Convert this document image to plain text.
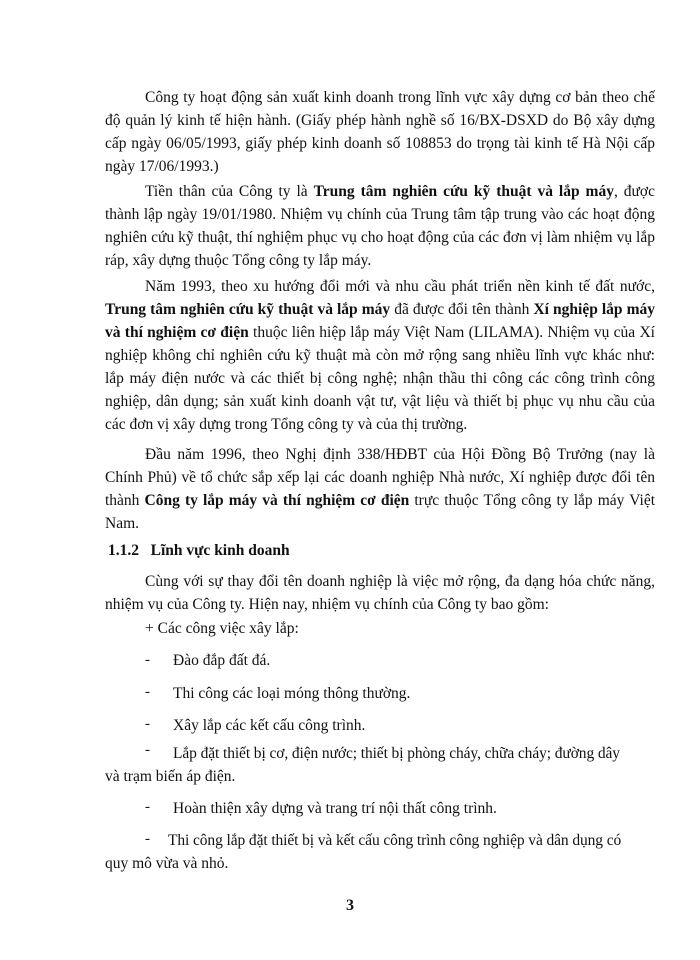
Công ty hoạt động sản xuất kinh doanh trong lĩnh vực xây dựng cơ bản theo chế độ quản lý kinh tế hiện hành. (Giấy phép hành nghề số 16/BX-DSXD do Bộ xây dựng cấp ngày 06/05/1993, giấy phép kinh doanh số 108853 do trọng tài kinh tế Hà Nội cấp ngày 17/06/1993.)

Tiền thân của Công ty là Trung tâm nghiên cứu kỹ thuật và lắp máy, được thành lập ngày 19/01/1980. Nhiệm vụ chính của Trung tâm tập trung vào các hoạt động nghiên cứu kỹ thuật, thí nghiệm phục vụ cho hoạt động của các đơn vị làm nhiệm vụ lắp ráp, xây dựng thuộc Tổng công ty lắp máy.

Năm 1993, theo xu hướng đổi mới và nhu cầu phát triển nền kinh tế đất nước, Trung tâm nghiên cứu kỹ thuật và lắp máy đã được đổi tên thành Xí nghiệp lắp máy và thí nghiệm cơ điện thuộc liên hiệp lắp máy Việt Nam (LILAMA). Nhiệm vụ của Xí nghiệp không chỉ nghiên cứu kỹ thuật mà còn mở rộng sang nhiều lĩnh vực khác như: lắp máy điện nước và các thiết bị công nghệ; nhận thầu thi công các công trình công nghiệp, dân dụng; sản xuất kinh doanh vật tư, vật liệu và thiết bị phục vụ nhu cầu của các đơn vị xây dựng trong Tổng công ty và của thị trường.

Đầu năm 1996, theo Nghị định 338/HĐBT của Hội Đồng Bộ Trưởng (nay là Chính Phủ) về tổ chức sắp xếp lại các doanh nghiệp Nhà nước, Xí nghiệp được đổi tên thành Công ty lắp máy và thí nghiệm cơ điện trực thuộc Tổng công ty lắp máy Việt Nam.

1.1.2 Lĩnh vực kinh doanh

Cùng với sự thay đổi tên doanh nghiệp là việc mở rộng, đa dạng hóa chức năng, nhiệm vụ của Công ty. Hiện nay, nhiệm vụ chính của Công ty bao gồm:

+ Các công việc xây lắp:
- Đào đắp đất đá.
- Thi công các loại móng thông thường.
- Xây lắp các kết cấu công trình.
- Lắp đặt thiết bị cơ, điện nước; thiết bị phòng cháy, chữa cháy; đường dây
và trạm biến áp điện.
- Hoàn thiện xây dựng và trang trí nội thất công trình.
- Thi công lắp đặt thiết bị và kết cấu công trình công nghiệp và dân dụng có
quy mô vừa và nhỏ.
3
